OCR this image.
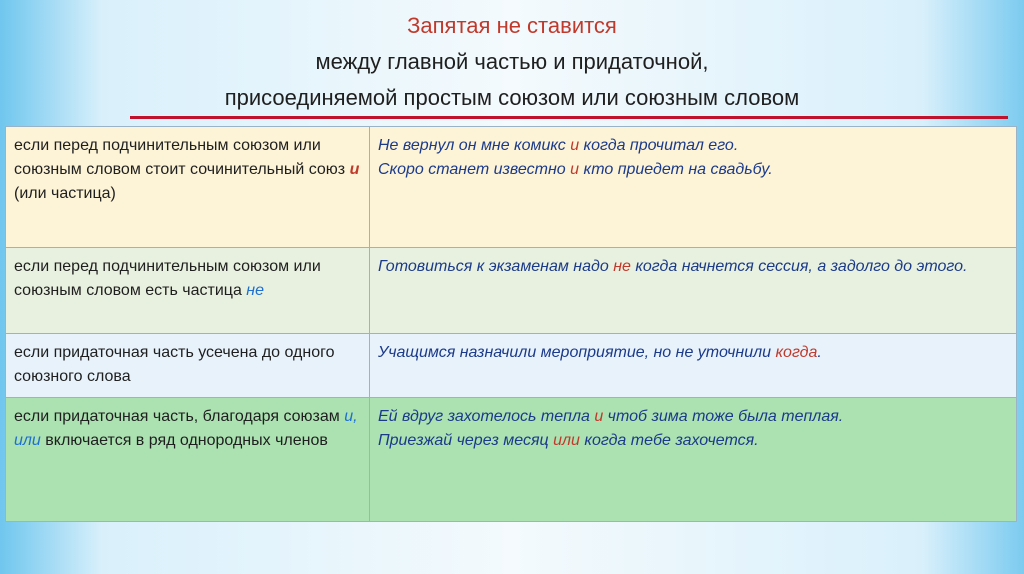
Запятая не ставится
между главной частью и придаточной,
присоединяемой простым союзом или союзным словом
если перед подчинительным союзом или союзным словом стоит сочинительный союз и (или частица)	Не вернул он мне комикс и когда прочитал его.
Скоро станет известно и кто приедет на свадьбу.

если перед подчинительным союзом или союзным словом есть частица не	Готовиться к экзаменам надо не когда начнется сессия, а задолго до этого.

если придаточная часть усечена до одного союзного слова	Учащимся назначили мероприятие, но не уточнили когда.

если придаточная часть, благодаря союзам и, или включается в ряд однородных членов	Ей вдруг захотелось тепла и чтоб зима тоже была теплая.
Приезжай через месяц или когда тебе захочется.
